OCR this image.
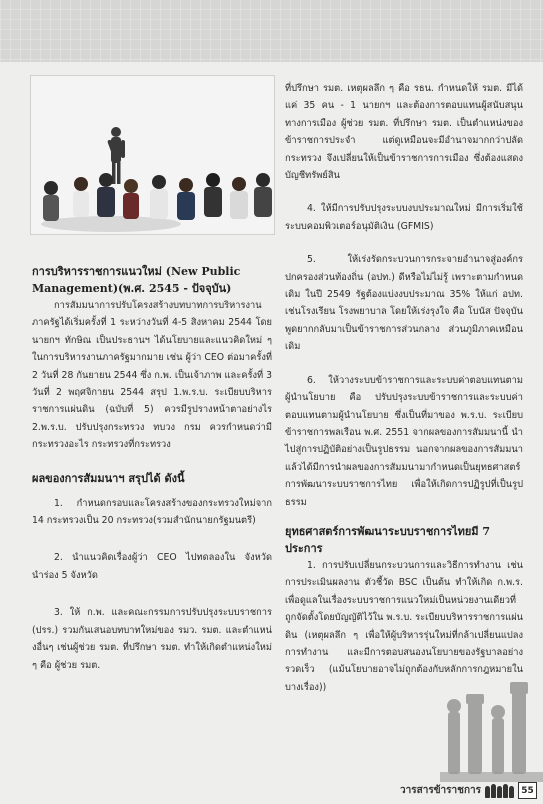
การบริหารราชการแนวใหม่ (New Public Management)(พ.ศ. 2545 - ปัจจุบัน)

การสัมมนาการปรับโครงสร้างบทบาทการบริหารงานภาครัฐได้เริ่มครั้งที่ 1 ระหว่างวันที่ 4-5 สิงหาคม 2544 โดยนายกฯ ทักษิณ เป็นประธานฯ ได้นโยบายและแนวคิดใหม่ ๆ ในการบริหารงานภาครัฐมากมาย เช่น ผู้ว่า CEO ต่อมาครั้งที่ 2 วันที่ 28 กันยายน 2544 ซึ่ง ก.พ. เป็นเจ้าภาพ และครั้งที่ 3 วันที่ 2 พฤศจิกายน 2544 สรุป 1.พ.ร.บ. ระเบียบบริหารราชการแผ่นดิน (ฉบับที่ 5) ควรมีรูปรางหน้าตาอย่างไร 2.พ.ร.บ. ปรับปรุงกระทรวง ทบวง กรม ควรกำหนดว่ามีกระทรวงอะไร กระทรวงที่กระทรวง

ผลของการสัมมนาฯ สรุปได้ ดังนี้

1. กำหนดกรอบและโครงสร้างของกระทรวงใหม่จาก 14 กระทรวงเป็น 20 กระทรวง(รวมสำนักนายกรัฐมนตรี)

2. นำแนวคิดเรื่องผู้ว่า CEO ไปทดลองใน จังหวัดนำร่อง 5 จังหวัด

3. ให้ ก.พ. และคณะกรรมการปรับปรุงระบบราชการ (ปรร.) รวมกันเสนอบทบาทใหม่ของ รมว. รมต. และตำแหน่งอื่นๆ เช่นผู้ช่วย รมต. ที่ปรึกษา รมต. ทำให้เกิดตำแหน่งใหม่ ๆ คือ ผู้ช่วย รมต.

ที่ปรึกษา รมต. เหตุผลลึก ๆ คือ รธน. กำหนดให้ รมต. มีได้แค่ 35 คน - 1 นายกฯ และต้องการตอบแทนผู้สนับสนุนทางการเมือง ผู้ช่วย รมต. ที่ปรึกษา รมต. เป็นตำแหน่งของข้าราชการประจำ แต่ดูเหมือนจะมีอำนาจมากกว่าปลัดกระทรวง จึงเปลี่ยนให้เป็นข้าราชการการเมือง ซึ่งต้องแสดงบัญชีทรัพย์สิน

4. ให้มีการปรับปรุงระบบงบประมาณใหม่ มีการเริ่มใช้ระบบคอมพิวเตอร์อนุมัติเงิน (GFMIS)

5. ให้เร่งรัดกระบวนการกระจายอำนาจสู่องค์กรปกครองส่วนท้องถิ่น (อปท.) ดีหรือไม่ไม่รู้ เพราะตามกำหนดเดิม ในปี 2549 รัฐต้องแบ่งงบประมาณ 35% ให้แก่ อปท. เช่นโรงเรียน โรงพยาบาล โดยให้เร่งรุงใจ คือ โบนัส ปัจจุบันพูดยากกลับมาเป็นข้าราชการส่วนกลาง ส่วนภูมิภาคเหมือนเดิม

6. ให้วางระบบข้าราชการและระบบค่าตอบแทนตามผู้นำนโยบาย คือ ปรับปรุงระบบข้าราชการและระบบค่าตอบแทนตามผู้นำนโยบาย ซึ่งเป็นที่มาของ พ.ร.บ. ระเบียบข้าราชการพลเรือน พ.ศ. 2551 จากผลของการสัมมนานี้ นำไปสู่การปฏิบัติอย่างเป็นรูปธรรม นอกจากผลของการสัมมนาแล้วได้มีการนำผลของการสัมมนามากำหนดเป็นยุทธศาสตร์การพัฒนาระบบราชการไทย เพื่อให้เกิดการปฏิรูปที่เป็นรูปธรรม

ยุทธศาสตร์การพัฒนาระบบราชการไทยมี 7 ประการ

1. การปรับเปลี่ยนกระบวนการและวิธีการทำงาน เช่น การประเมินผลงาน ตัวชี้วัด BSC เป็นต้น ทำให้เกิด ก.พ.ร. เพื่อดูแลในเรื่องระบบราชการแนวใหม่เป็นหน่วยงานเดียวที่ถูกจัดตั้งโดยบัญญัติไว้ใน พ.ร.บ. ระเบียบบริหารราชการแผ่นดิน (เหตุผลลึก ๆ เพื่อให้ผู้บริหารรุ่นใหม่ที่กล้าเปลี่ยนแปลงการทำงาน และมีการตอบสนองนโยบายของรัฐบาลอย่างรวดเร็ว (แม้นโยบายอาจไม่ถูกต้องกับหลักการกฎหมายในบางเรื่อง))

วารสารข้าราชการ	55
